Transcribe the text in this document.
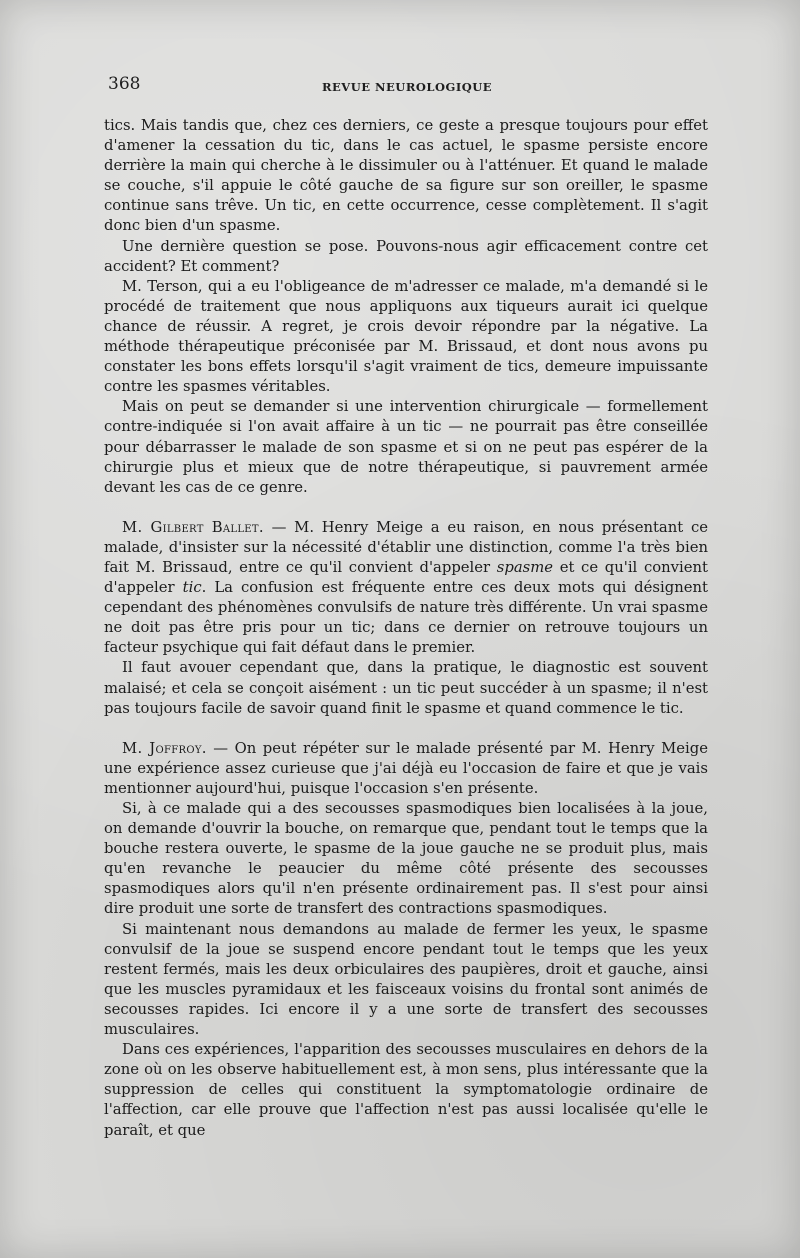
368	REVUE NEUROLOGIQUE

tics. Mais tandis que, chez ces derniers, ce geste a presque toujours pour effet d'amener la cessation du tic, dans le cas actuel, le spasme persiste encore derrière la main qui cherche à le dissimuler ou à l'atténuer. Et quand le malade se couche, s'il appuie le côté gauche de sa figure sur son oreiller, le spasme continue sans trêve. Un tic, en cette occurrence, cesse complètement. Il s'agit donc bien d'un spasme.

Une dernière question se pose. Pouvons-nous agir efficacement contre cet accident? Et comment?

M. Terson, qui a eu l'obligeance de m'adresser ce malade, m'a demandé si le procédé de traitement que nous appliquons aux tiqueurs aurait ici quelque chance de réussir. A regret, je crois devoir répondre par la négative. La méthode thérapeutique préconisée par M. Brissaud, et dont nous avons pu constater les bons effets lorsqu'il s'agit vraiment de tics, demeure impuissante contre les spasmes véritables.

Mais on peut se demander si une intervention chirurgicale — formellement contre-indiquée si l'on avait affaire à un tic — ne pourrait pas être conseillée pour débarrasser le malade de son spasme et si on ne peut pas espérer de la chirurgie plus et mieux que de notre thérapeutique, si pauvrement armée devant les cas de ce genre.

M. Gilbert Ballet. — M. Henry Meige a eu raison, en nous présentant ce malade, d'insister sur la nécessité d'établir une distinction, comme l'a très bien fait M. Brissaud, entre ce qu'il convient d'appeler spasme et ce qu'il convient d'appeler tic. La confusion est fréquente entre ces deux mots qui désignent cependant des phénomènes convulsifs de nature très différente. Un vrai spasme ne doit pas être pris pour un tic; dans ce dernier on retrouve toujours un facteur psychique qui fait défaut dans le premier.

Il faut avouer cependant que, dans la pratique, le diagnostic est souvent malaisé; et cela se conçoit aisément : un tic peut succéder à un spasme; il n'est pas toujours facile de savoir quand finit le spasme et quand commence le tic.

M. Joffroy. — On peut répéter sur le malade présenté par M. Henry Meige une expérience assez curieuse que j'ai déjà eu l'occasion de faire et que je vais mentionner aujourd'hui, puisque l'occasion s'en présente.

Si, à ce malade qui a des secousses spasmodiques bien localisées à la joue, on demande d'ouvrir la bouche, on remarque que, pendant tout le temps que la bouche restera ouverte, le spasme de la joue gauche ne se produit plus, mais qu'en revanche le peaucier du même côté présente des secousses spasmodiques alors qu'il n'en présente ordinairement pas. Il s'est pour ainsi dire produit une sorte de transfert des contractions spasmodiques.

Si maintenant nous demandons au malade de fermer les yeux, le spasme convulsif de la joue se suspend encore pendant tout le temps que les yeux restent fermés, mais les deux orbiculaires des paupières, droit et gauche, ainsi que les muscles pyramidaux et les faisceaux voisins du frontal sont animés de secousses rapides. Ici encore il y a une sorte de transfert des secousses musculaires.

Dans ces expériences, l'apparition des secousses musculaires en dehors de la zone où on les observe habituellement est, à mon sens, plus intéressante que la suppression de celles qui constituent la symptomatologie ordinaire de l'affection, car elle prouve que l'affection n'est pas aussi localisée qu'elle le paraît, et que
